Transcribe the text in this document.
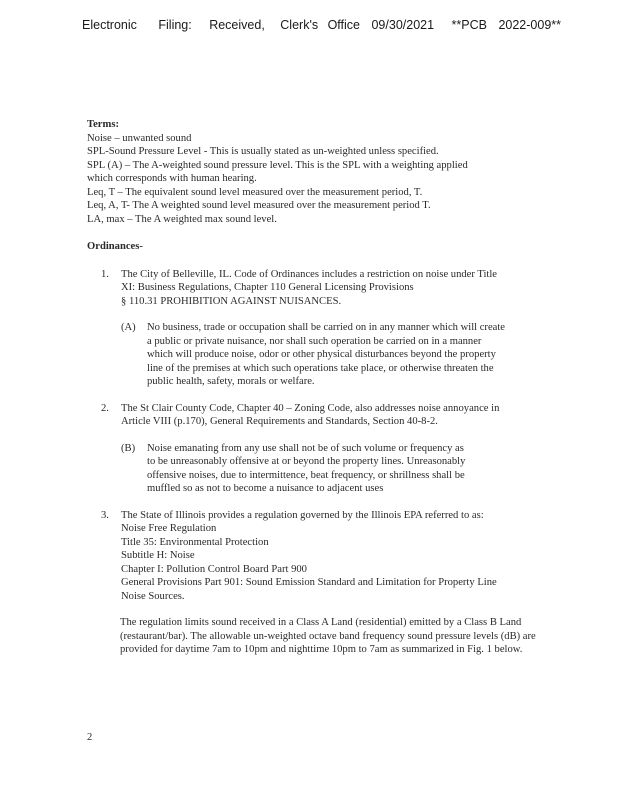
Electronic Filing: Received, Clerk's Office 09/30/2021 **PCB 2022-009**

Terms:

Noise – unwanted sound

SPL-Sound Pressure Level - This is usually stated as un-weighted unless specified.

SPL (A) – The A-weighted sound pressure level. This is the SPL with a weighting applied

which corresponds with human hearing.

Leq, T – The equivalent sound level measured over the measurement period, T.

Leq, A, T- The A weighted sound level measured over the measurement period T.

LA, max – The A weighted max sound level.

Ordinances-

1. The City of Belleville, IL. Code of Ordinances includes a restriction on noise under Title

XI: Business Regulations, Chapter 110 General Licensing Provisions

§ 110.31 PROHIBITION AGAINST NUISANCES.

(A) No business, trade or occupation shall be carried on in any manner which will create

a public or private nuisance, nor shall such operation be carried on in a manner

which will produce noise, odor or other physical disturbances beyond the property

line of the premises at which such operations take place, or otherwise threaten the

public health, safety, morals or welfare.

2. The St Clair County Code, Chapter 40 – Zoning Code, also addresses noise annoyance in

Article VIII (p.170), General Requirements and Standards, Section 40-8-2.

(B) Noise emanating from any use shall not be of such volume or frequency as

to be unreasonably offensive at or beyond the property lines. Unreasonably

offensive noises, due to intermittence, beat frequency, or shrillness shall be

muffled so as not to become a nuisance to adjacent uses

3. The State of Illinois provides a regulation governed by the Illinois EPA referred to as:

Noise Free Regulation

Title 35: Environmental Protection

Subtitle H: Noise

Chapter I: Pollution Control Board Part 900

General Provisions Part 901: Sound Emission Standard and Limitation for Property Line

Noise Sources.

The regulation limits sound received in a Class A Land (residential) emitted by a Class B Land (restaurant/bar). The allowable un-weighted octave band frequency sound pressure levels (dB) are provided for daytime 7am to 10pm and nighttime 10pm to 7am as summarized in Fig. 1 below.

2
